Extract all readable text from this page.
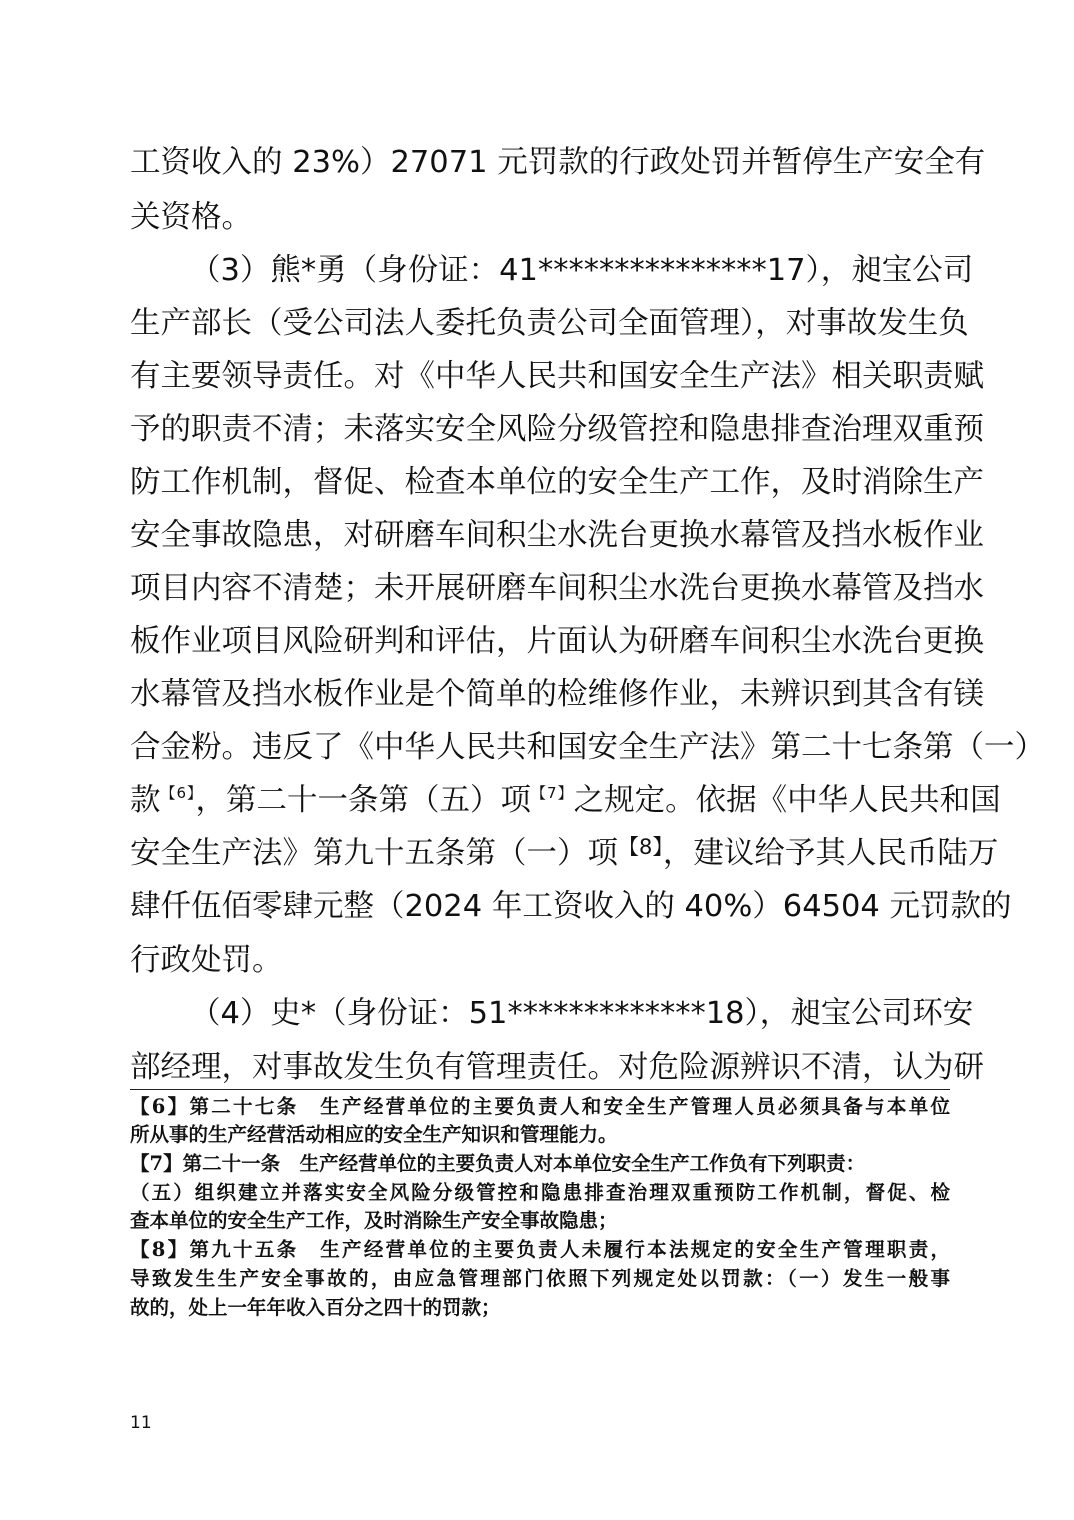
工资收入的 23%）27071 元罚款的行政处罚并暂停生产安全有
关资格。
（3）熊*勇（身份证：41***************17），昶宝公司
生产部长（受公司法人委托负责公司全面管理），对事故发生负
有主要领导责任。对《中华人民共和国安全生产法》相关职责赋
予的职责不清；未落实安全风险分级管控和隐患排查治理双重预
防工作机制，督促、检查本单位的安全生产工作，及时消除生产
安全事故隐患，对研磨车间积尘水洗台更换水幕管及挡水板作业
项目内容不清楚；未开展研磨车间积尘水洗台更换水幕管及挡水
板作业项目风险研判和评估，片面认为研磨车间积尘水洗台更换
水幕管及挡水板作业是个简单的检维修作业，未辨识到其含有镁
合金粉。违反了《中华人民共和国安全生产法》第二十七条第（一）
款$^{【6】}$，第二十一条第（五）项$^{【7】}$之规定。依据《中华人民共和国
安全生产法》第九十五条第（一）项$^{【8】}$，建议给予其人民币陆万
肆仟伍佰零肆元整（2024 年工资收入的 40%）64504 元罚款的
行政处罚。
（4）史*（身份证：51*************18），昶宝公司环安
部经理，对事故发生负有管理责任。对危险源辨识不清，认为研
【6】第二十七条　生产经营单位的主要负责人和安全生产管理人员必须具备与本单位
所从事的生产经营活动相应的安全生产知识和管理能力。
【7】第二十一条　生产经营单位的主要负责人对本单位安全生产工作负有下列职责：
（五）组织建立并落实安全风险分级管控和隐患排查治理双重预防工作机制，督促、检
查本单位的安全生产工作，及时消除生产安全事故隐患；
【8】第九十五条　生产经营单位的主要负责人未履行本法规定的安全生产管理职责，
导致发生生产安全事故的，由应急管理部门依照下列规定处以罚款：（一）发生一般事
故的，处上一年年收入百分之四十的罚款；
11
